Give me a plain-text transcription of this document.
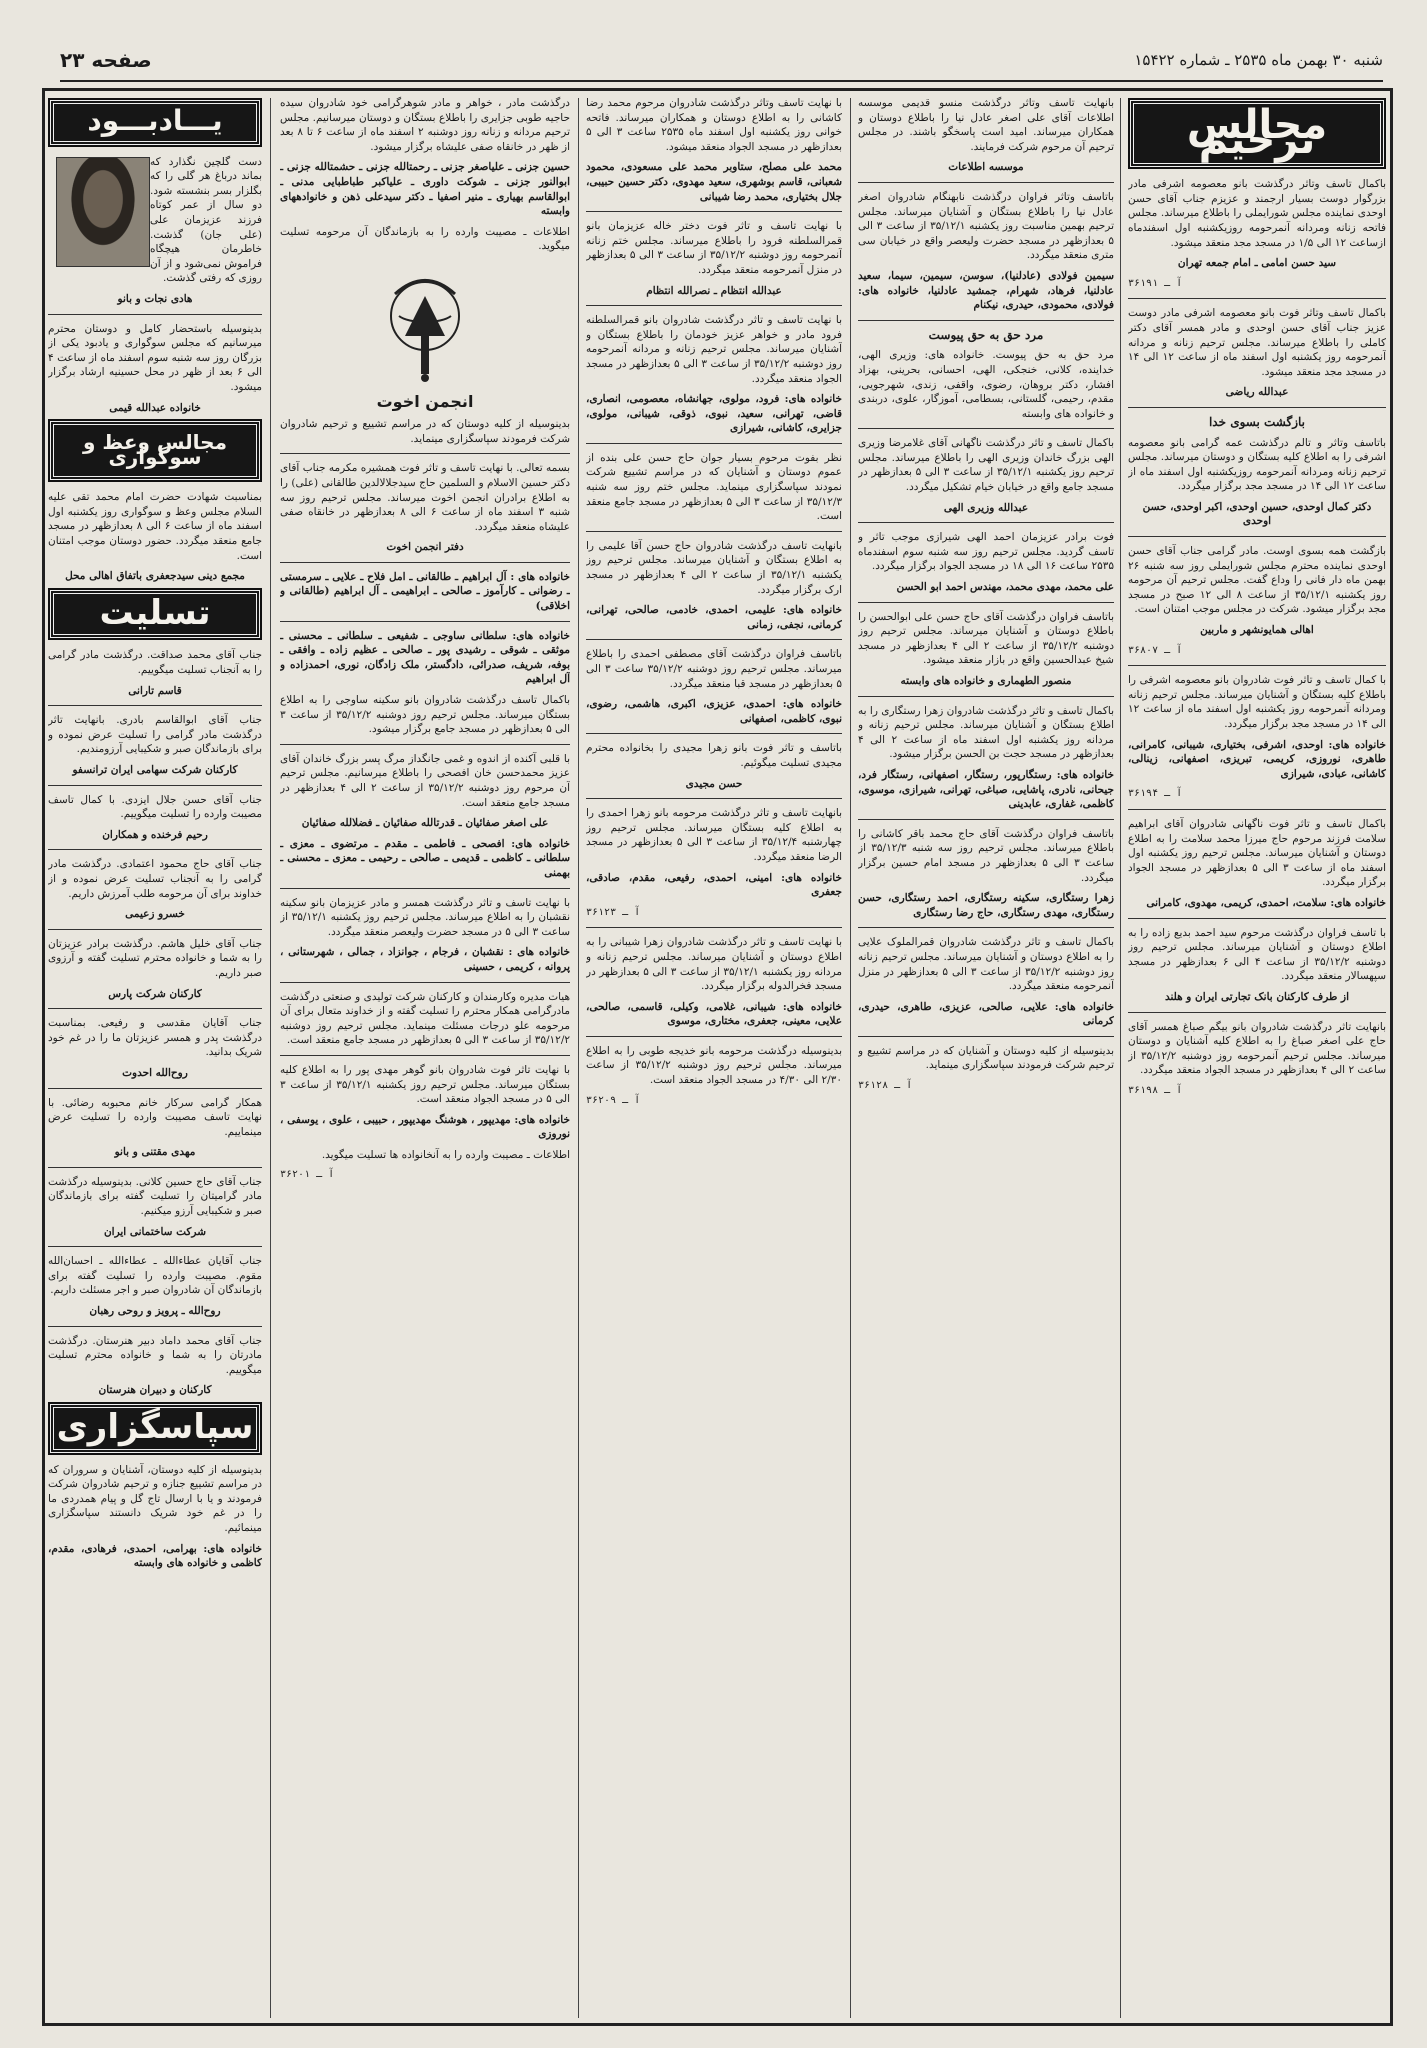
شنبه ۳۰ بهمن ماه ۲۵۳۵ ـ شماره ۱۵۴۲۲
صفحه ۲۳
مجالس ترحیم

باکمال تاسف وتاثر درگذشت بانو معصومه اشرفی مادر بزرگوار دوست بسیار ارجمند و عزیزم جناب آقای حسن اوحدی نماینده مجلس شورایملی را باطلاع میرساند. مجلس فاتحه زنانه ومردانه آنمرحومه روزیکشنبه اول اسفندماه ازساعت ۱۲ الی ۱/۵ در مسجد مجد منعقد میشود.

سید حسن امامی ـ امام جمعه تهران

آ ـ ۳۶۱۹۱

باکمال تاسف وتاثر فوت بانو معصومه اشرفی مادر دوست عزیز جناب آقای حسن اوحدی و مادر همسر آقای دکتر کاملی را باطلاع میرساند. مجلس ترحیم زنانه و مردانه آنمرحومه روز یکشنبه اول اسفند ماه از ساعت ۱۲ الی ۱۴ در مسجد مجد منعقد میشود.

عبدالله ریاضی

بازگشت بسوی خدا

باتاسف وتاثر و تالم درگذشت عمه گرامی بانو معصومه اشرفی را به اطلاع کلیه بستگان و دوستان میرساند. مجلس ترحیم زنانه ومردانه آنمرحومه روزیکشنبه اول اسفند ماه از ساعت ۱۲ الی ۱۴ در مسجد مجد برگزار میگردد.

دکتر کمال اوحدی، حسین اوحدی، اکبر اوحدی، حسن اوحدی

بازگشت همه بسوی اوست. مادر گرامی جناب آقای حسن اوحدی نماینده محترم مجلس شورایملی روز سه شنبه ۲۶ بهمن ماه دار فانی را وداع گفت. مجلس ترحیم آن مرحومه روز یکشنبه ۳۵/۱۲/۱ از ساعت ۸ الی ۱۲ صبح در مسجد مجد برگزار میشود. شرکت در مجلس موجب امتنان است.

اهالی همایونشهر و ماربین

آ ـ ۳۶۸۰۷

با کمال تاسف و تاثر فوت شادروان بانو معصومه اشرفی را باطلاع کلیه بستگان و آشنایان میرساند. مجلس ترحیم زنانه ومردانه آنمرحومه روز یکشنبه اول اسفند ماه از ساعت ۱۲ الی ۱۴ در مسجد مجد برگزار میگردد.

خانواده های: اوحدی، اشرفی، بختیاری، شیبانی، کامرانی، طاهری، نوروزی، کریمی، تبریزی، اصفهانی، زینالی، کاشانی، عبادی، شیرازی

آ ـ ۳۶۱۹۴

باکمال تاسف و تاثر فوت ناگهانی شادروان آقای ابراهیم سلامت فرزند مرحوم حاج میرزا محمد سلامت را به اطلاع دوستان و آشنایان میرساند. مجلس ترحیم روز یکشنبه اول اسفند ماه از ساعت ۳ الی ۵ بعدازظهر در مسجد الجواد برگزار میگردد.

خانواده های: سلامت، احمدی، کریمی، مهدوی، کامرانی

با تاسف فراوان درگذشت مرحوم سید احمد بدیع زاده را به اطلاع دوستان و آشنایان میرساند. مجلس ترحیم روز دوشنبه ۳۵/۱۲/۲ از ساعت ۴ الی ۶ بعدازظهر در مسجد سپهسالار منعقد میگردد.

از طرف کارکنان بانک تجارتی ایران و هلند

بانهایت تاثر درگذشت شادروان بانو بیگم صباغ همسر آقای حاج علی اصغر صباغ را به اطلاع کلیه آشنایان و دوستان میرساند. مجلس ترحیم آنمرحومه روز دوشنبه ۳۵/۱۲/۲ از ساعت ۲ الی ۴ بعدازظهر در مسجد الجواد منعقد میگردد.

آ ـ ۳۶۱۹۸

بانهایت تاسف وتاثر درگذشت منسو قدیمی موسسه اطلاعات آقای علی اصغر عادل نیا را باطلاع دوستان و همکاران میرساند. امید است پاسخگو باشند. در مجلس ترحیم آن مرحوم شرکت فرمایند.

موسسه اطلاعات

باتاسف وتاثر فراوان درگذشت نابهنگام شادروان اصغر عادل نیا را باطلاع بستگان و آشنایان میرساند. مجلس ترحیم بهمین مناسبت روز یکشنبه ۳۵/۱۲/۱ از ساعت ۳ الی ۵ بعدازظهر در مسجد حضرت ولیعصر واقع در خیابان سی متری منعقد میگردد.

سیمین فولادی (عادلنیا)، سوسن، سیمین، سیما، سعید عادلنیا، فرهاد، شهرام، جمشید عادلنیا، خانواده های: فولادی، محمودی، حیدری، نیکنام

مرد حق به حق پیوست

مرد حق به حق پیوست. خانواده های: وزیری الهی، خداینده، کلانی، خنجکی، الهی، احسانی، بحرینی، بهزاد افشار، دکتر بروهان، رضوی، واقفی، زندی، شهرجویی، مقدم، رحیمی، گلستانی، بسطامی، آموزگار، علوی، دربندی و خانواده های وابسته

باکمال تاسف و تاثر درگذشت ناگهانی آقای غلامرضا وزیری الهی بزرگ خاندان وزیری الهی را باطلاع میرساند. مجلس ترحیم روز یکشنبه ۳۵/۱۲/۱ از ساعت ۳ الی ۵ بعدازظهر در مسجد جامع واقع در خیابان خیام تشکیل میگردد.

عبدالله وزیری الهی

فوت برادر عزیزمان احمد الهی شیرازی موجب تاثر و تاسف گردید. مجلس ترحیم روز سه شنبه سوم اسفندماه ۲۵۳۵ ساعت ۱۶ الی ۱۸ در مسجد الجواد برگزار میگردد.

علی محمد، مهدی محمد، مهندس احمد ابو الحسن

باتاسف فراوان درگذشت آقای حاج حسن علی ابوالحسن را باطلاع دوستان و آشنایان میرساند. مجلس ترحیم روز دوشنبه ۳۵/۱۲/۲ از ساعت ۲ الی ۴ بعدازظهر در مسجد شیخ عبدالحسین واقع در بازار منعقد میشود.

منصور الطهماری و خانواده های وابسته

باکمال تاسف و تاثر درگذشت شادروان زهرا رستگاری را به اطلاع بستگان و آشنایان میرساند. مجلس ترحیم زنانه و مردانه روز یکشنبه اول اسفند ماه از ساعت ۲ الی ۴ بعدازظهر در مسجد حجت بن الحسن برگزار میشود.

خانواده های: رستگارپور، رستگار، اصفهانی، رستگار فرد، جیحانی، نادری، پاشایی، صباغی، تهرانی، شیرازی، موسوی، کاظمی، غفاری، عابدینی

باتاسف فراوان درگذشت آقای حاج محمد باقر کاشانی را باطلاع میرساند. مجلس ترحیم روز سه شنبه ۳۵/۱۲/۳ از ساعت ۳ الی ۵ بعدازظهر در مسجد امام حسین برگزار میگردد.

زهرا رستگاری، سکینه رستگاری، احمد رستگاری، حسن رستگاری، مهدی رستگاری، حاج رضا رستگاری

باکمال تاسف و تاثر درگذشت شادروان قمرالملوک علایی را به اطلاع دوستان و آشنایان میرساند. مجلس ترحیم زنانه روز دوشنبه ۳۵/۱۲/۲ از ساعت ۳ الی ۵ بعدازظهر در منزل آنمرحومه منعقد میگردد.

خانواده های: علایی، صالحی، عزیزی، طاهری، حیدری، کرمانی

بدینوسیله از کلیه دوستان و آشنایان که در مراسم تشییع و ترحیم شرکت فرمودند سپاسگزاری مینماید.

آ ـ ۳۶۱۲۸

با نهایت تاسف وتاثر درگذشت شادروان مرحوم محمد رضا کاشانی را به اطلاع دوستان و همکاران میرساند. فاتحه خوانی روز یکشنبه اول اسفند ماه ۲۵۳۵ ساعت ۳ الی ۵ بعدازظهر در مسجد الجواد منعقد میشود.

محمد علی مصلح، ستاوبر محمد علی مسعودی، محمود شعبانی، قاسم بوشهری، سعید مهدوی، دکتر حسین حبیبی، جلال بختیاری، محمد رضا شیبانی

با نهایت تاسف و تاثر فوت دختر خاله عزیزمان بانو قمرالسلطنه فرود را باطلاع میرساند. مجلس ختم زنانه آنمرحومه روز دوشنبه ۳۵/۱۲/۲ از ساعت ۳ الی ۵ بعدازظهر در منزل آنمرحومه منعقد میگردد.

عبدالله انتظام ـ نصرالله انتظام

با نهایت تاسف و تاثر درگذشت شادروان بانو قمرالسلطنه فرود مادر و خواهر عزیز خودمان را باطلاع بستگان و آشنایان میرساند. مجلس ترحیم زنانه و مردانه آنمرحومه روز دوشنبه ۳۵/۱۲/۲ از ساعت ۳ الی ۵ بعدازظهر در مسجد الجواد منعقد میگردد.

خانواده های: فرود، مولوی، جهانشاه، معصومی، انصاری، قاضی، تهرانی، سعید، نبوی، ذوقی، شیبانی، مولوی، جزایری، کاشانی، شیرازی

نظر بفوت مرحوم بسیار جوان حاج حسن علی بنده از عموم دوستان و آشنایان که در مراسم تشییع شرکت نمودند سپاسگزاری مینماید. مجلس ختم روز سه شنبه ۳۵/۱۲/۳ از ساعت ۳ الی ۵ بعدازظهر در مسجد جامع منعقد است.

بانهایت تاسف درگذشت شادروان حاج حسن آقا علیمی را به اطلاع بستگان و آشنایان میرساند. مجلس ترحیم روز یکشنبه ۳۵/۱۲/۱ از ساعت ۲ الی ۴ بعدازظهر در مسجد ارک برگزار میگردد.

خانواده های: علیمی، احمدی، خادمی، صالحی، تهرانی، کرمانی، نجفی، زمانی

باتاسف فراوان درگذشت آقای مصطفی احمدی را باطلاع میرساند. مجلس ترحیم روز دوشنبه ۳۵/۱۲/۲ ساعت ۳ الی ۵ بعدازظهر در مسجد قبا منعقد میگردد.

خانواده های: احمدی، عزیزی، اکبری، هاشمی، رضوی، نبوی، کاظمی، اصفهانی

باتاسف و تاثر فوت بانو زهرا مجیدی را بخانواده محترم مجیدی تسلیت میگوئیم.

حسن مجیدی

بانهایت تاسف و تاثر درگذشت مرحومه بانو زهرا احمدی را به اطلاع کلیه بستگان میرساند. مجلس ترحیم روز چهارشنبه ۳۵/۱۲/۴ از ساعت ۳ الی ۵ بعدازظهر در مسجد الرضا منعقد میگردد.

خانواده های: امینی، احمدی، رفیعی، مقدم، صادقی، جعفری

آ ـ ۳۶۱۲۳

با نهایت تاسف و تاثر درگذشت شادروان زهرا شیبانی را به اطلاع دوستان و آشنایان میرساند. مجلس ترحیم زنانه و مردانه روز یکشنبه ۳۵/۱۲/۱ از ساعت ۳ الی ۵ بعدازظهر در مسجد فخرالدوله برگزار میگردد.

خانواده های: شیبانی، غلامی، وکیلی، قاسمی، صالحی، علایی، معینی، جعفری، مختاری، موسوی

بدینوسیله درگذشت مرحومه بانو خدیجه طوبی را به اطلاع میرساند. مجلس ترحیم روز دوشنبه ۳۵/۱۲/۲ از ساعت ۲/۳۰ الی ۴/۳۰ در مسجد الجواد منعقد است.

آ ـ ۳۶۲۰۹

درگذشت مادر ، خواهر و مادر شوهرگرامی خود شادروان سیده حاجیه طوبی جزایری را باطلاع بستگان و دوستان میرسانیم. مجلس ترحیم مردانه و زنانه روز دوشنبه ۲ اسفند ماه از ساعت ۶ تا ۸ بعد از ظهر در خانقاه صفی علیشاه برگزار میشود.

حسین جزنی ـ علیاصغر جزنی ـ رحمتالله جزنی ـ حشمتالله جزنی ـ ابوالنور جزنی ـ شوکت داوری ـ علیاکبر طباطبایی مدنی ـ ابوالقاسم بهیاری ـ منیر اصفیا ـ دکتر سیدعلی ذهن و خانوادههای وابسته

اطلاعات ـ مصیبت وارده را به بازماندگان آن مرحومه تسلیت میگوید.

انجمن اخوت

بدینوسیله از کلیه دوستان که در مراسم تشییع و ترحیم شادروان شرکت فرمودند سپاسگزاری مینماید.

بسمه تعالی. با نهایت تاسف و تاثر فوت همشیره مکرمه جناب آقای دکتر حسین الاسلام و السلمین حاج سیدجلالالدین طالقانی (علی) را به اطلاع برادران انجمن اخوت میرساند. مجلس ترحیم روز سه شنبه ۳ اسفند ماه از ساعت ۶ الی ۸ بعدازظهر در خانقاه صفی علیشاه منعقد میگردد.

دفتر انجمن اخوت

خانواده های : آل ابراهیم ـ طالقانی ـ امل فلاح ـ علایی ـ سرمستی ـ رضوانی ـ کارآموز ـ صالحی ـ ابراهیمی ـ آل ابراهیم (طالقانی و اخلاقی)

خانواده های: سلطانی ساوجی ـ شفیعی ـ سلطانی ـ محسنی ـ موثقی ـ شوقی ـ رشیدی پور ـ صالحی ـ عظیم زاده ـ وافقی ـ بوفه، شریف، صدرائی، دادگستر، ملک زادگان، نوری، احمدزاده و آل ابراهیم

باکمال تاسف درگذشت شادروان بانو سکینه ساوجی را به اطلاع بستگان میرساند. مجلس ترحیم روز دوشنبه ۳۵/۱۲/۲ از ساعت ۳ الی ۵ بعدازظهر در مسجد جامع برگزار میشود.

با قلبی آکنده از اندوه و غمی جانگداز مرگ پسر بزرگ خاندان آقای عزیز محمدحسن خان افصحی را باطلاع میرسانیم. مجلس ترحیم آن مرحوم روز دوشنبه ۳۵/۱۲/۲ از ساعت ۲ الی ۴ بعدازظهر در مسجد جامع منعقد است.

علی اصغر صفائیان ـ قدرتالله صفائیان ـ فضلالله صفائیان

خانواده های: افصحی ـ فاطمی ـ مقدم ـ مرتضوی ـ معزی ـ سلطانی ـ کاظمی ـ قدیمی ـ صالحی ـ رحیمی ـ معزی ـ محسنی ـ بهمنی

با نهایت تاسف و تاثر درگذشت همسر و مادر عزیزمان بانو سکینه نقشبان را به اطلاع میرساند. مجلس ترحیم روز یکشنبه ۳۵/۱۲/۱ از ساعت ۳ الی ۵ در مسجد حضرت ولیعصر منعقد میگردد.

خانواده های : نقشبان ، فرجام ، جوانزاد ، جمالی ، شهرستانی ، پروانه ، کریمی ، حسینی

هیات مدیره وکارمندان و کارکنان شرکت تولیدی و صنعتی درگذشت مادرگرامی همکار محترم را تسلیت گفته و از خداوند متعال برای آن مرحومه علو درجات مسئلت مینماید. مجلس ترحیم روز دوشنبه ۳۵/۱۲/۲ از ساعت ۳ الی ۵ بعدازظهر در مسجد جامع منعقد است.

با نهایت تاثر فوت شادروان بانو گوهر مهدی پور را به اطلاع کلیه بستگان میرساند. مجلس ترحیم روز یکشنبه ۳۵/۱۲/۱ از ساعت ۳ الی ۵ در مسجد الجواد منعقد است.

خانواده های: مهدیپور ، هوشنگ مهدیپور ، حبیبی ، علوی ، یوسفی ، نوروزی

اطلاعات ـ مصیبت وارده را به آنخانواده ها تسلیت میگوید.

آ ـ ۳۶۲۰۱
یـــادبـــود

دست گلچین نگذارد که بماند درباغ هر گلی را که بگلزار بسر بنشسته شود. دو سال از عمر کوتاه فرزند عزیزمان علی (علی‌ جان) گذشت. خاطرمان هیچگاه فراموش نمی‌شود و از آن روزی که رفتی گذشت.

هادی نجات و بانو

بدینوسیله باستحضار کامل و دوستان محترم میرسانیم که مجلس سوگواری و یادبود یکی از بزرگان روز سه شنبه سوم اسفند ماه از ساعت ۴ الی ۶ بعد از ظهر در محل حسینیه ارشاد برگزار میشود.

خانواده عبدالله قیمی

مجالس وعظ و سوگواری

بمناسبت شهادت حضرت امام محمد تقی علیه السلام مجلس وعظ و سوگواری روز یکشنبه اول اسفند ماه از ساعت ۶ الی ۸ بعدازظهر در مسجد جامع منعقد میگردد. حضور دوستان موجب امتنان است.

مجمع دینی سیدجعفری باتفاق اهالی محل

تسلیت

جناب آقای محمد صداقت. درگذشت مادر گرامی را به آنجناب تسلیت میگوییم.

قاسم تارانی

جناب آقای ابوالقاسم بادری. بانهایت تاثر درگذشت مادر گرامی را تسلیت عرض نموده و برای بازماندگان صبر و شکیبایی آرزومندیم.

کارکنان شرکت سهامی ایران ترانسفو

جناب آقای حسن جلال ایزدی. با کمال تاسف مصیبت وارده را تسلیت میگوییم.

رحیم فرخنده و همکاران

جناب آقای حاج محمود اعتمادی. درگذشت مادر گرامی را به آنجناب تسلیت عرض نموده و از خداوند برای آن مرحومه طلب آمرزش داریم.

خسرو زعیمی

جناب آقای خلیل هاشم. درگذشت برادر عزیزتان را به شما و خانواده محترم تسلیت گفته و آرزوی صبر داریم.

کارکنان شرکت پارس

جناب آقایان مقدسی و رفیعی. بمناسبت درگذشت پدر و همسر عزیزتان ما را در غم خود شریک بدانید.

روح‌الله احدوت

همکار گرامی سرکار خانم محبوبه رضائی. با نهایت تاسف مصیبت وارده را تسلیت عرض مینماییم.

مهدی مقتنی و بانو

جناب آقای حاج حسین کلانی. بدینوسیله درگذشت مادر گرامیتان را تسلیت گفته برای بازماندگان صبر و شکیبایی آرزو میکنیم.

شرکت ساختمانی ایران

جناب آقایان عطاءالله ـ عطاءالله ـ احسان‌الله مقوم. مصیبت وارده را تسلیت گفته برای بازماندگان آن شادروان صبر و اجر مسئلت داریم.

روح‌الله ـ پرویز و روحی رهبان

جناب آقای محمد داماد دبیر هنرستان. درگذشت مادرتان را به شما و خانواده محترم تسلیت میگوییم.

کارکنان و دبیران هنرستان

سپاسگزاری

بدینوسیله از کلیه دوستان، آشنایان و سروران که در مراسم تشییع جنازه و ترحیم شادروان شرکت فرمودند و یا با ارسال تاج گل و پیام همدردی ما را در غم خود شریک دانستند سپاسگزاری مینمائیم.

خانواده های: بهرامی، احمدی، فرهادی، مقدم، کاظمی و خانواده های وابسته
